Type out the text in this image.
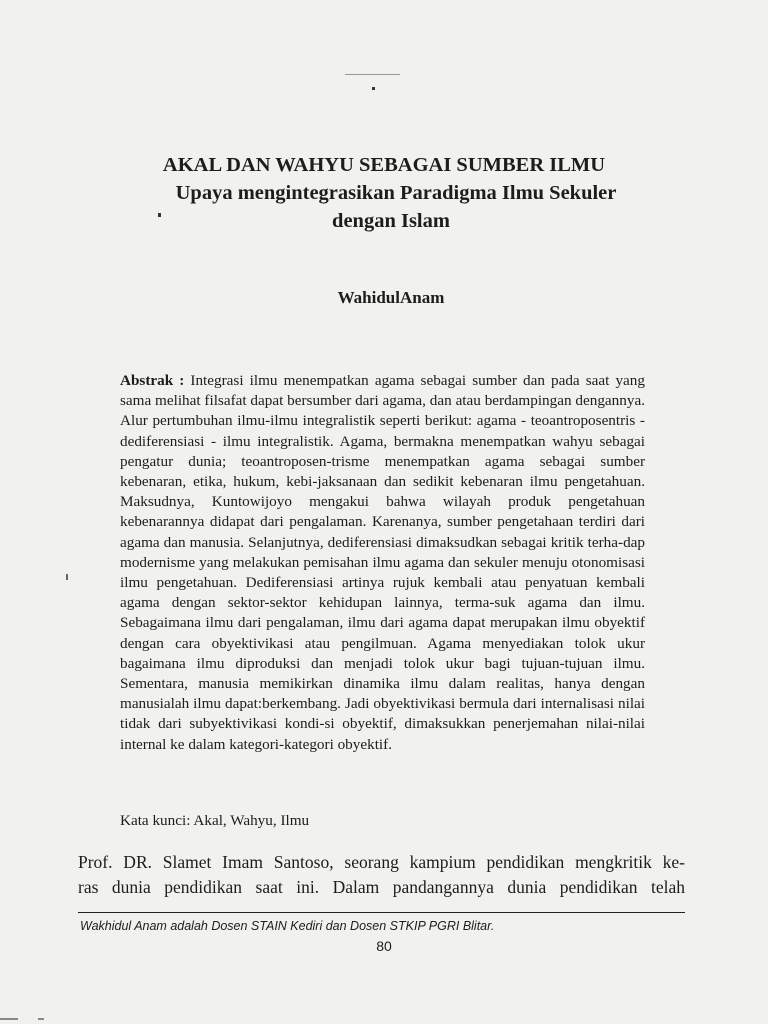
AKAL DAN WAHYU SEBAGAI SUMBER ILMU
Upaya mengintegrasikan Paradigma Ilmu Sekuler
dengan Islam
WahidulAnam
Abstrak : Integrasi ilmu menempatkan agama sebagai sumber dan pada saat yang sama melihat filsafat dapat bersumber dari agama, dan atau berdampingan dengannya. Alur pertumbuhan ilmu-ilmu integralistik seperti berikut: agama - teoantroposentris - dediferensiasi - ilmu integralistik. Agama, bermakna menempatkan wahyu sebagai pengatur dunia; teoantroposen-trisme menempatkan agama sebagai sumber kebenaran, etika, hukum, kebi-jaksanaan dan sedikit kebenaran ilmu pengetahuan. Maksudnya, Kuntowijoyo mengakui bahwa wilayah produk pengetahuan kebenarannya didapat dari pengalaman. Karenanya, sumber pengetahaan terdiri dari agama dan manusia. Selanjutnya, dediferensiasi dimaksudkan sebagai kritik terha-dap modernisme yang melakukan pemisahan ilmu agama dan sekuler menuju otonomisasi ilmu pengetahuan. Dediferensiasi artinya rujuk kembali atau penyatuan kembali agama dengan sektor-sektor kehidupan lainnya, terma-suk agama dan ilmu. Sebagaimana ilmu dari pengalaman, ilmu dari agama dapat merupakan ilmu obyektif dengan cara obyektivikasi atau pengilmuan. Agama menyediakan tolok ukur bagaimana ilmu diproduksi dan menjadi tolok ukur bagi tujuan-tujuan ilmu. Sementara, manusia memikirkan dinamika ilmu dalam realitas, hanya dengan manusialah ilmu dapat:berkembang. Jadi obyektivikasi bermula dari internalisasi nilai tidak dari subyektivikasi kondi-si obyektif, dimaksukkan penerjemahan nilai-nilai internal ke dalam kategori-kategori obyektif.
Kata kunci: Akal, Wahyu, Ilmu
Prof. DR. Slamet Imam Santoso, seorang kampium pendidikan mengkritik ke-
ras dunia pendidikan saat ini. Dalam pandangannya dunia pendidikan telah
Wakhidul Anam adalah Dosen STAIN Kediri dan Dosen STKIP PGRI Blitar.
80
